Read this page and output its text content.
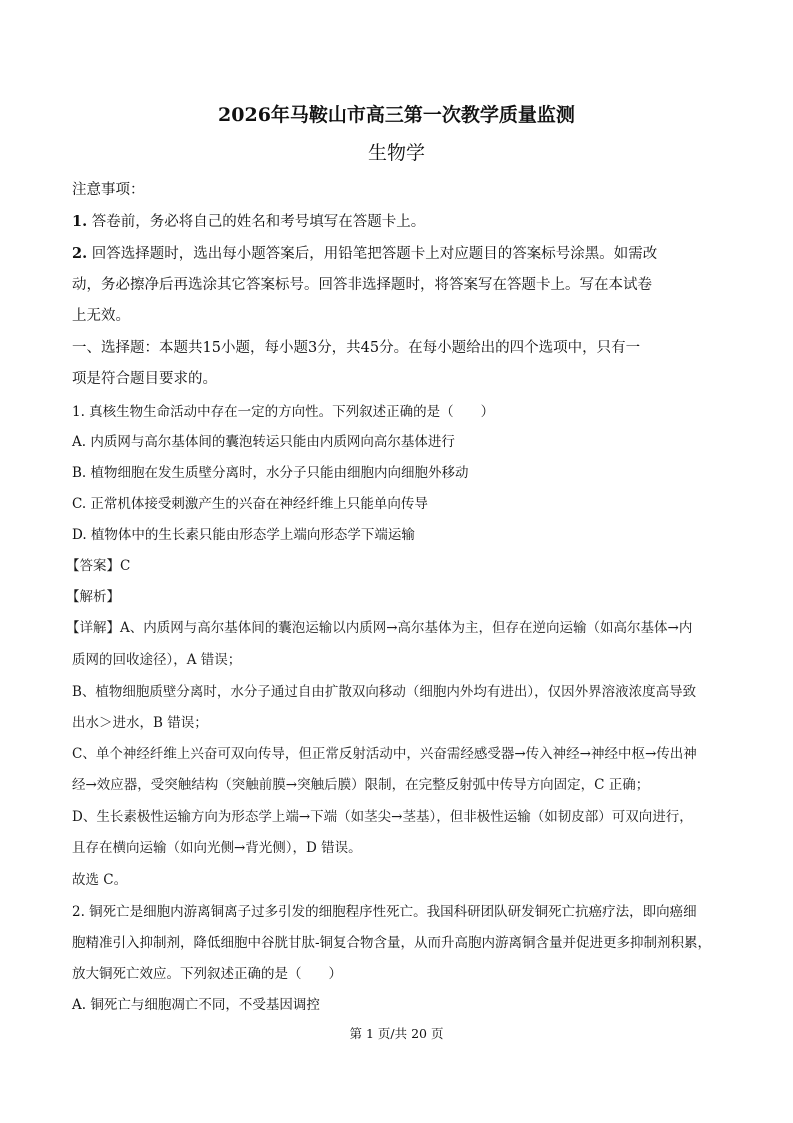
2026年马鞍山市高三第一次教学质量监测
生物学
注意事项：
1. 答卷前，务必将自己的姓名和考号填写在答题卡上。
2. 回答选择题时，选出每小题答案后，用铅笔把答题卡上对应题目的答案标号涂黑。如需改
动，务必擦净后再选涂其它答案标号。回答非选择题时，将答案写在答题卡上。写在本试卷
上无效。
一、选择题：本题共15小题，每小题3分，共45分。在每小题给出的四个选项中，只有一
项是符合题目要求的。
1. 真核生物生命活动中存在一定的方向性。下列叙述正确的是（　　）
A. 内质网与高尔基体间的囊泡转运只能由内质网向高尔基体进行
B. 植物细胞在发生质壁分离时，水分子只能由细胞内向细胞外移动
C. 正常机体接受刺激产生的兴奋在神经纤维上只能单向传导
D. 植物体中的生长素只能由形态学上端向形态学下端运输
【答案】C
【解析】
【详解】A、内质网与高尔基体间的囊泡运输以内质网→高尔基体为主，但存在逆向运输（如高尔基体→内
质网的回收途径），A 错误；
B、植物细胞质壁分离时，水分子通过自由扩散双向移动（细胞内外均有进出），仅因外界溶液浓度高导致
出水＞进水，B 错误；
C、单个神经纤维上兴奋可双向传导，但正常反射活动中，兴奋需经感受器→传入神经→神经中枢→传出神
经→效应器，受突触结构（突触前膜→突触后膜）限制，在完整反射弧中传导方向固定，C 正确；
D、生长素极性运输方向为形态学上端→下端（如茎尖→茎基），但非极性运输（如韧皮部）可双向进行，
且存在横向运输（如向光侧→背光侧），D 错误。
故选 C。
2. 铜死亡是细胞内游离铜离子过多引发的细胞程序性死亡。我国科研团队研发铜死亡抗癌疗法，即向癌细
胞精准引入抑制剂，降低细胞中谷胱甘肽-铜复合物含量，从而升高胞内游离铜含量并促进更多抑制剂积累，
放大铜死亡效应。下列叙述正确的是（　　）
A. 铜死亡与细胞凋亡不同，不受基因调控
第 1 页/共 20 页
